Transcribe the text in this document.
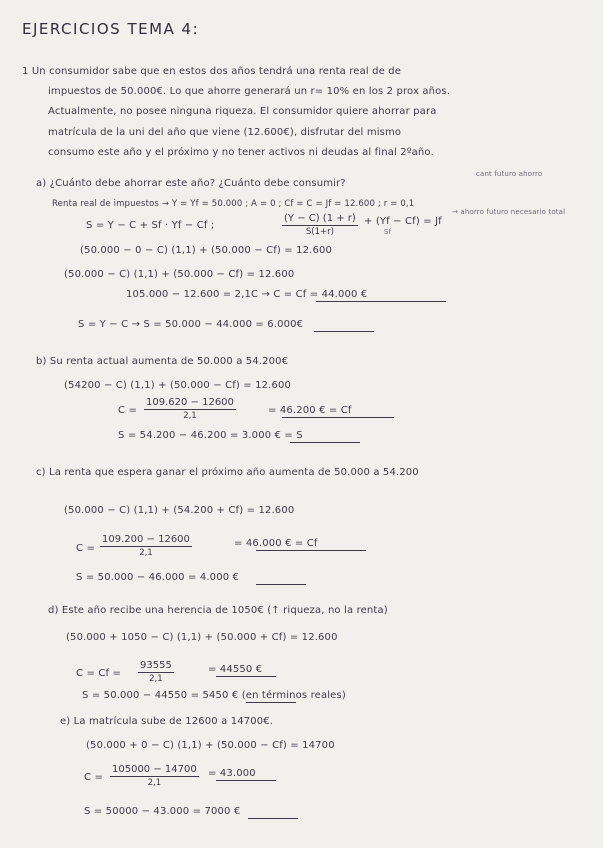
EJERCICIOS TEMA 4:
1 Un consumidor sabe que en estos dos años tendrá una renta real de de
impuestos de 50.000€. Lo que ahorre generará un r= 10% en los 2 prox años.
Actualmente, no posee ninguna riqueza. El consumidor quiere ahorrar para
matrícula de la uni del año que viene (12.600€), disfrutar del mismo
consumo este año y el próximo y no tener activos ni deudas al final 2ºaño.
a) ¿Cuánto debe ahorrar este año? ¿Cuánto debe consumir?
cant futuro ahorro
Renta real de impuestos → Y = Yf = 50.000 ; A = 0 ; Cf = C = Jf = 12.600 ; r = 0,1
S = Y − C + Sf · Yf − Cf ;	$\frac{(Y - C) (1 + r)}{S(1+r)} + (Yf - Cf) = Jf$
Sf
→ ahorro futuro necesario total
(50.000 − 0 − C) (1,1) + (50.000 − Cf) = 12.600
(50.000 − C) (1,1) + (50.000 − Cf) = 12.600
105.000 − 12.600 = 2,1C → C = Cf = 44.000 €
S = Y − C → S = 50.000 − 44.000 = 6.000€
b) Su renta actual aumenta de 50.000 a 54.200€
(54200 − C) (1,1) + (50.000 − Cf) = 12.600
$C = \frac{109.620 - 12600}{2,1}$	= 46.200 € = Cf
S = 54.200 − 46.200 = 3.000 € = S
c) La renta que espera ganar el próximo año aumenta de 50.000 a 54.200
(50.000 − C) (1,1) + (54.200 + Cf) = 12.600
$C = \frac{109.200 - 12600}{2,1}$	= 46.000 € = Cf
S = 50.000 − 46.000 = 4.000 €
d) Este año recibe una herencia de 1050€ (↑ riqueza, no la renta)
(50.000 + 1050 − C) (1,1) + (50.000 + Cf) = 12.600
$C = Cf = \frac{93555}{2,1}$	= 44550 €
S = 50.000 − 44550 = 5450 € (en términos reales)
e) La matrícula sube de 12600 a 14700€.
(50.000 + 0 − C) (1,1) + (50.000 − Cf) = 14700
$C = \frac{105000 - 14700}{2,1} = 43.000$
S = 50000 − 43.000 = 7000 €
